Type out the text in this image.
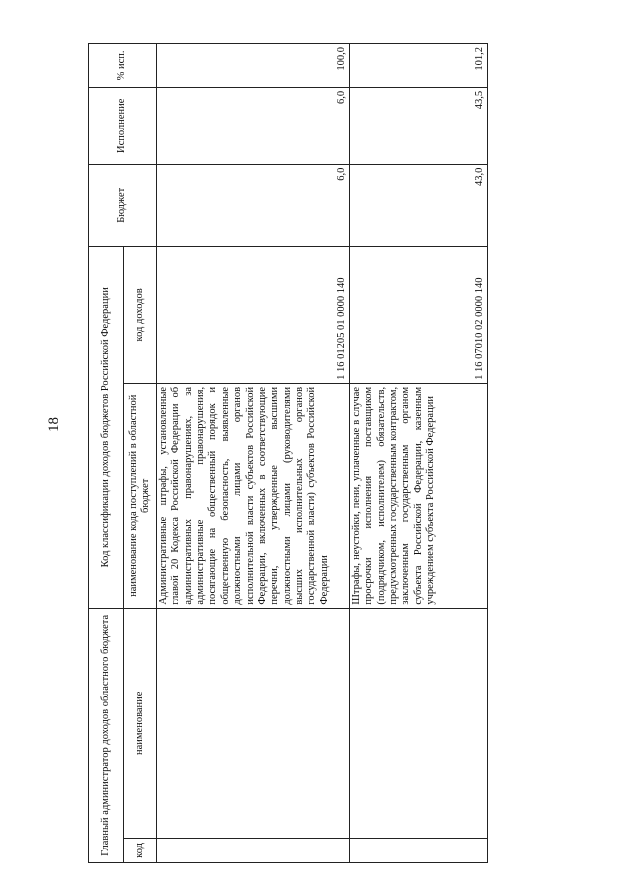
18
Главный администратор доходов областного бюджета		Код классификации доходов бюджетов Российской Федерации		Бюджет	Исполнение	% исп.
код	наименование	наименование кода поступлений в областной бюджет	код доходов			
		Административные штрафы, установленные главой 20 Кодекса Российской Федерации об административных правонарушениях, за административные правонарушения, посягающие на общественный порядок и общественную безопасность, выявленные должностными лицами органов исполнительной власти субъектов Российской Федерации, включенных в соответствующие перечни, утвержденные высшими должностными лицами (руководителями высших исполнительных органов государственной власти) субъектов Российской Федерации	1 16 01205 01 0000 140	6,0	6,0	100,0
		Штрафы, неустойки, пени, уплаченные в случае просрочки исполнения поставщиком (подрядчиком, исполнителем) обязательств, предусмотренных государственным контрактом, заключенным государственным органом субъекта Российской Федерации, казенным учреждением субъекта Российской Федерации	1 16 07010 02 0000 140	43,0	43,5	101,2
